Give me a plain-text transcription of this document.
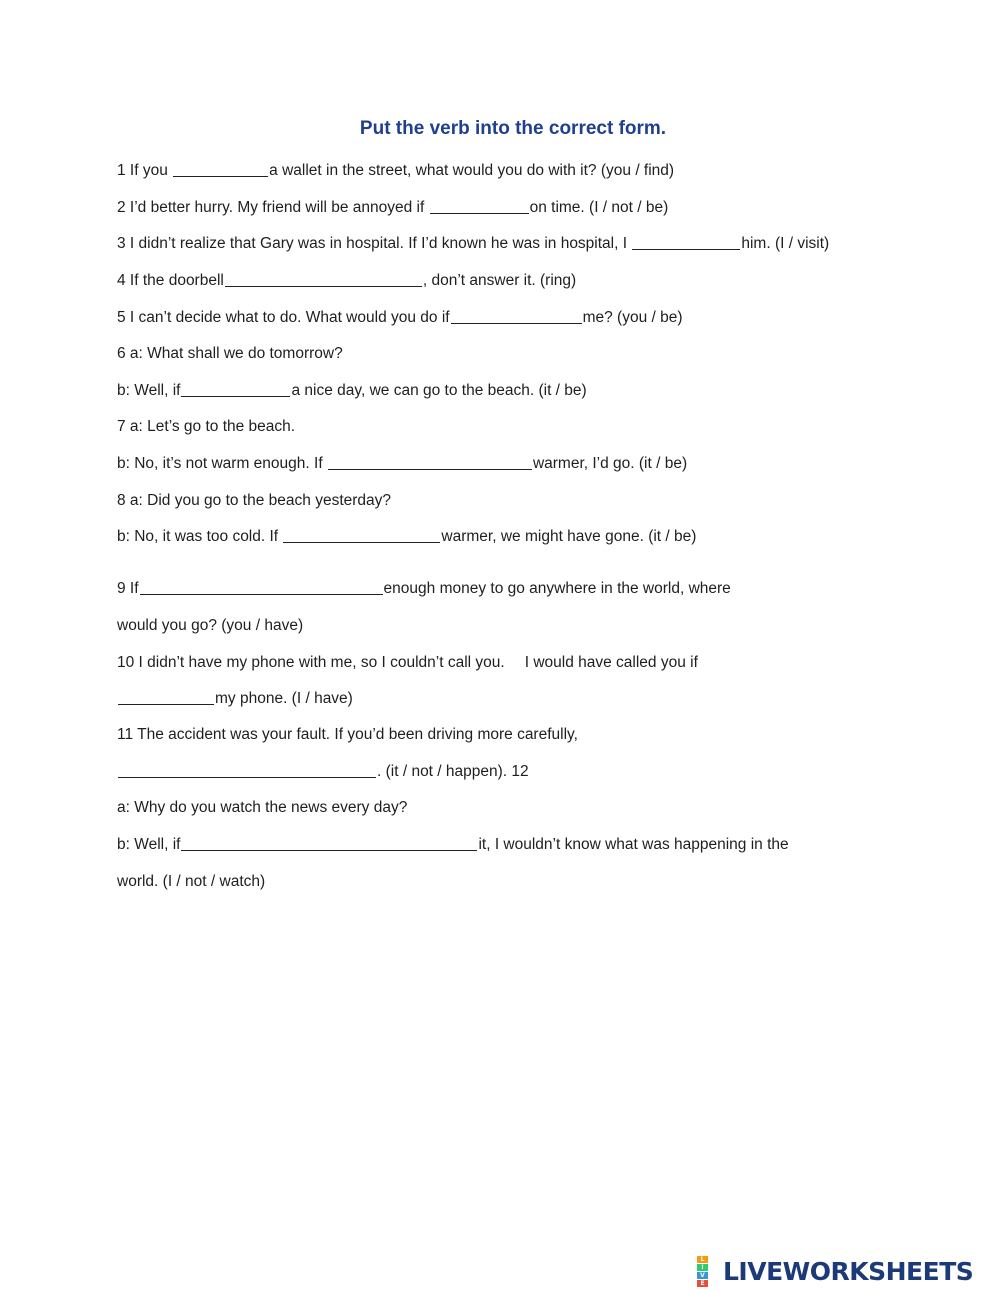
Put the verb into the correct form.
1 If you	a wallet in the street, what would you do with it? (you / find)
2 I’d better hurry. My friend will be annoyed if	on time. (I / not / be)
3 I didn’t realize that Gary was in hospital. If I’d known he was in hospital, I	him. (I / visit)
4 If the doorbell	, don’t answer it. (ring)
5 I can’t decide what to do. What would you do if	me? (you / be)
6 a: What shall we do tomorrow?
b: Well, if	a nice day, we can go to the beach. (it / be)
7 a: Let’s go to the beach.
b: No, it’s not warm enough. If	warmer, I’d go. (it / be)
8 a: Did you go to the beach yesterday?
b: No, it was too cold. If	warmer, we might have gone. (it / be)
9 If	enough money to go anywhere in the world, where
would you go? (you / have)
10 I didn’t have my phone with me, so I couldn’t call you. I would have called you if
my phone. (I / have)
11 The accident was your fault. If you’d been driving more carefully,
. (it / not / happen). 12
a: Why do you watch the news every day?
b: Well, if	it, I wouldn’t know what was happening in the
world. (I / not / watch)
L
I
V
E LIVEWORKSHEETS
